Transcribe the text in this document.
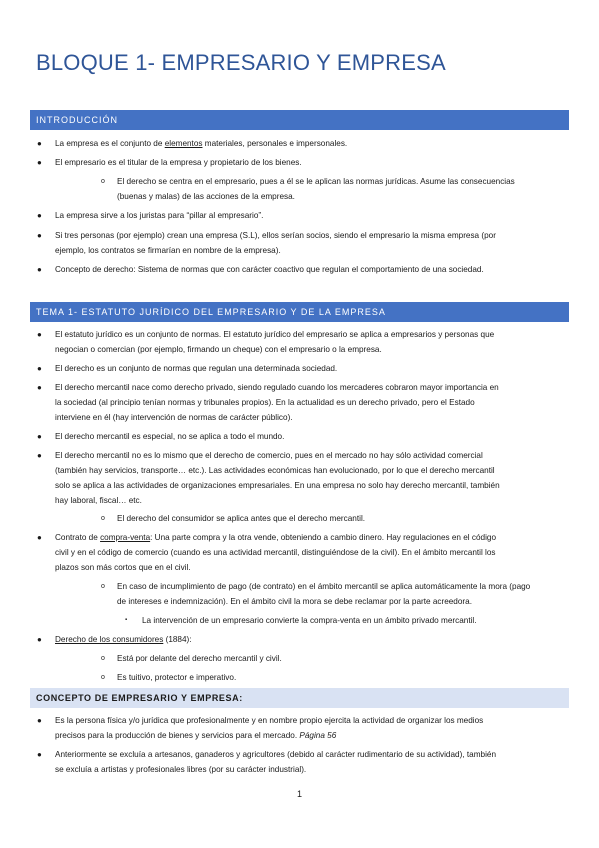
BLOQUE 1- EMPRESARIO Y EMPRESA
INTRODUCCIÓN
● La empresa es el conjunto de elementos materiales, personales e impersonales.
● El empresario es el titular de la empresa y propietario de los bienes.
o El derecho se centra en el empresario, pues a él se le aplican las normas jurídicas. Asume las consecuencias
(buenas y malas) de las acciones de la empresa.
● La empresa sirve a los juristas para “pillar al empresario”.
● Si tres personas (por ejemplo) crean una empresa (S.L), ellos serían socios, siendo el empresario la misma empresa (por
ejemplo, los contratos se firmarían en nombre de la empresa).
● Concepto de derecho: Sistema de normas que con carácter coactivo que regulan el comportamiento de una sociedad.
TEMA 1- ESTATUTO JURÍDICO DEL EMPRESARIO Y DE LA EMPRESA
● El estatuto jurídico es un conjunto de normas. El estatuto jurídico del empresario se aplica a empresarios y personas que
negocian o comercian (por ejemplo, firmando un cheque) con el empresario o la empresa.
● El derecho es un conjunto de normas que regulan una determinada sociedad.
● El derecho mercantil nace como derecho privado, siendo regulado cuando los mercaderes cobraron mayor importancia en
la sociedad (al principio tenían normas y tribunales propios). En la actualidad es un derecho privado, pero el Estado
interviene en él (hay intervención de normas de carácter público).
● El derecho mercantil es especial, no se aplica a todo el mundo.
● El derecho mercantil no es lo mismo que el derecho de comercio, pues en el mercado no hay sólo actividad comercial
(también hay servicios, transporte… etc.). Las actividades económicas han evolucionado, por lo que el derecho mercantil
solo se aplica a las actividades de organizaciones empresariales. En una empresa no solo hay derecho mercantil, también
hay laboral, fiscal… etc.
o El derecho del consumidor se aplica antes que el derecho mercantil.
● Contrato de compra-venta: Una parte compra y la otra vende, obteniendo a cambio dinero. Hay regulaciones en el código
civil y en el código de comercio (cuando es una actividad mercantil, distinguiéndose de la civil). En el ámbito mercantil los
plazos son más cortos que en el civil.
o En caso de incumplimiento de pago (de contrato) en el ámbito mercantil se aplica automáticamente la mora (pago
de intereses e indemnización). En el ámbito civil la mora se debe reclamar por la parte acreedora.
▪ La intervención de un empresario convierte la compra-venta en un ámbito privado mercantil.
● Derecho de los consumidores (1884):
o Está por delante del derecho mercantil y civil.
o Es tuitivo, protector e imperativo.
CONCEPTO DE EMPRESARIO Y EMPRESA:
● Es la persona física y/o jurídica que profesionalmente y en nombre propio ejercita la actividad de organizar los medios
precisos para la producción de bienes y servicios para el mercado. Página 56
● Anteriormente se excluía a artesanos, ganaderos y agricultores (debido al carácter rudimentario de su actividad), también
se excluía a artistas y profesionales libres (por su carácter industrial).
1
